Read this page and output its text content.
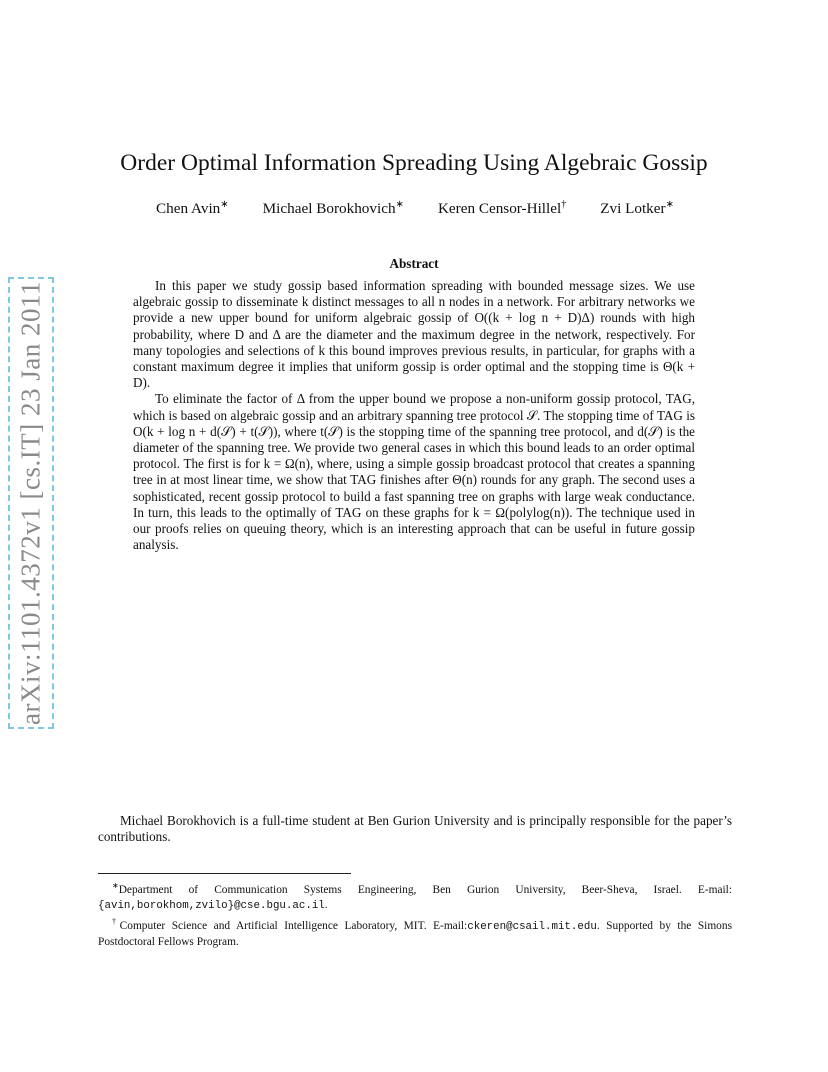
arXiv:1101.4372v1 [cs.IT] 23 Jan 2011
Order Optimal Information Spreading Using Algebraic Gossip
Chen Avin∗ Michael Borokhovich∗ Keren Censor-Hillel† Zvi Lotker∗
Abstract

In this paper we study gossip based information spreading with bounded message sizes. We use algebraic gossip to disseminate k distinct messages to all n nodes in a network. For arbitrary networks we provide a new upper bound for uniform algebraic gossip of O((k + log n + D)Δ) rounds with high probability, where D and Δ are the diameter and the maximum degree in the network, respectively. For many topologies and selections of k this bound improves previous results, in particular, for graphs with a constant maximum degree it implies that uniform gossip is order optimal and the stopping time is Θ(k + D).

To eliminate the factor of Δ from the upper bound we propose a non-uniform gossip protocol, TAG, which is based on algebraic gossip and an arbitrary spanning tree protocol 𝒮. The stopping time of TAG is O(k + log n + d(𝒮) + t(𝒮)), where t(𝒮) is the stopping time of the spanning tree protocol, and d(𝒮) is the diameter of the spanning tree. We provide two general cases in which this bound leads to an order optimal protocol. The first is for k = Ω(n), where, using a simple gossip broadcast protocol that creates a spanning tree in at most linear time, we show that TAG finishes after Θ(n) rounds for any graph. The second uses a sophisticated, recent gossip protocol to build a fast spanning tree on graphs with large weak conductance. In turn, this leads to the optimally of TAG on these graphs for k = Ω(polylog(n)). The technique used in our proofs relies on queuing theory, which is an interesting approach that can be useful in future gossip analysis.

Michael Borokhovich is a full-time student at Ben Gurion University and is principally responsible for the paper’s contributions.

∗Department of Communication Systems Engineering, Ben Gurion University, Beer-Sheva, Israel. E-mail:{avin,borokhom,zvilo}@cse.bgu.ac.il.

†Computer Science and Artificial Intelligence Laboratory, MIT. E-mail:ckeren@csail.mit.edu. Supported by the Simons Postdoctoral Fellows Program.
